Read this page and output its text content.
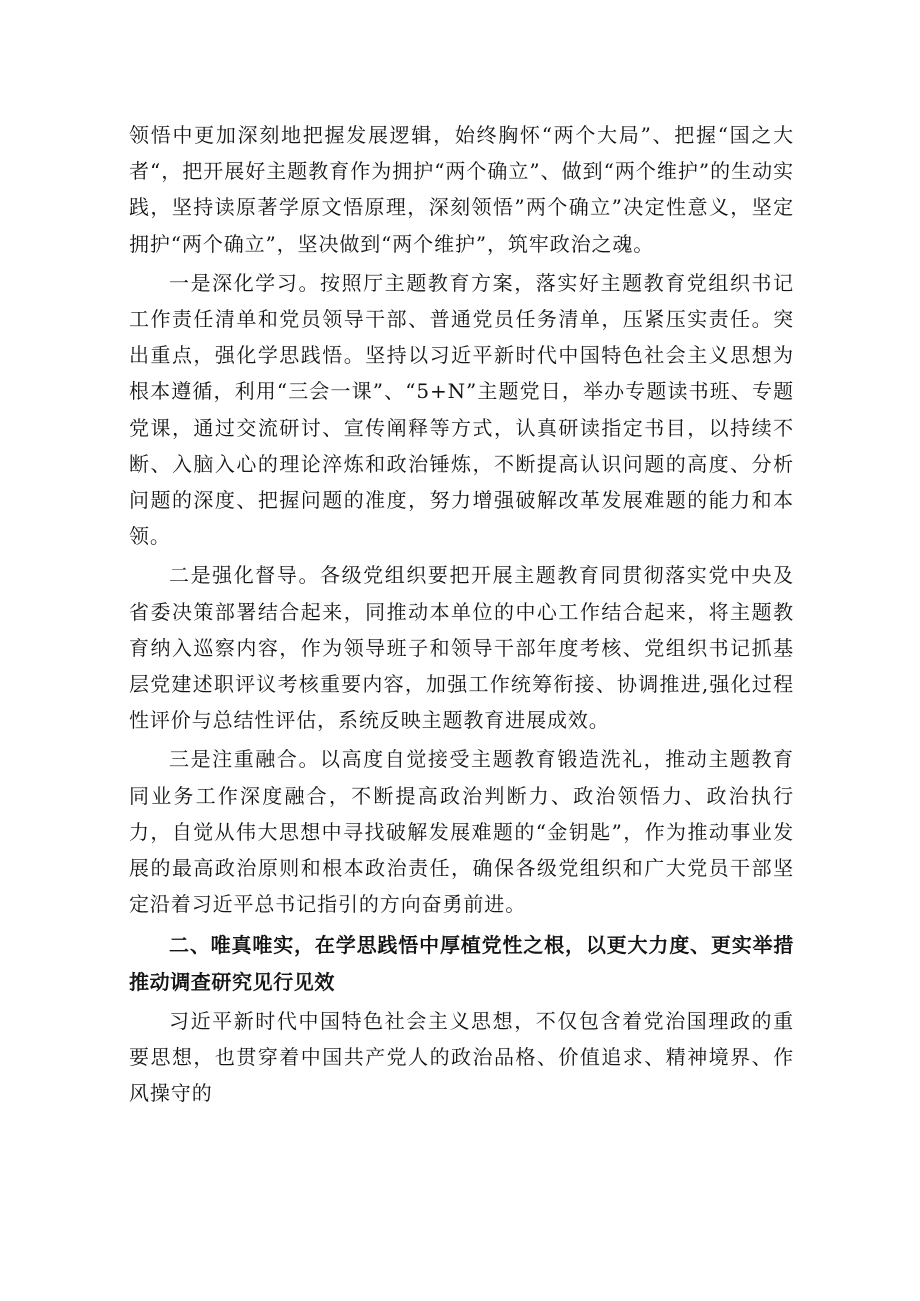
领悟中更加深刻地把握发展逻辑，始终胸怀“两个大局”、把握“国之大者“，把开展好主题教育作为拥护“两个确立”、做到“两个维护”的生动实践，坚持读原著学原文悟原理，深刻领悟”两个确立”决定性意义，坚定拥护“两个确立”，坚决做到“两个维护”，筑牢政治之魂。

一是深化学习。按照厅主题教育方案，落实好主题教育党组织书记工作责任清单和党员领导干部、普通党员任务清单，压紧压实责任。突出重点，强化学思践悟。坚持以习近平新时代中国特色社会主义思想为根本遵循，利用“三会一课”、“5+N”主题党日，举办专题读书班、专题党课，通过交流研讨、宣传阐释等方式，认真研读指定书目，以持续不断、入脑入心的理论淬炼和政治锤炼，不断提高认识问题的高度、分析问题的深度、把握问题的准度，努力增强破解改革发展难题的能力和本领。

二是强化督导。各级党组织要把开展主题教育同贯彻落实党中央及省委决策部署结合起来，同推动本单位的中心工作结合起来，将主题教育纳入巡察内容，作为领导班子和领导干部年度考核、党组织书记抓基层党建述职评议考核重要内容，加强工作统筹衔接、协调推进,强化过程性评价与总结性评估，系统反映主题教育进展成效。

三是注重融合。以高度自觉接受主题教育锻造洗礼，推动主题教育同业务工作深度融合，不断提高政治判断力、政治领悟力、政治执行力，自觉从伟大思想中寻找破解发展难题的“金钥匙”，作为推动事业发展的最高政治原则和根本政治责任，确保各级党组织和广大党员干部坚定沿着习近平总书记指引的方向奋勇前进。

二、唯真唯实，在学思践悟中厚植党性之根，以更大力度、更实举措推动调查研究见行见效

习近平新时代中国特色社会主义思想，不仅包含着党治国理政的重要思想，也贯穿着中国共产党人的政治品格、价值追求、精神境界、作风操守的
